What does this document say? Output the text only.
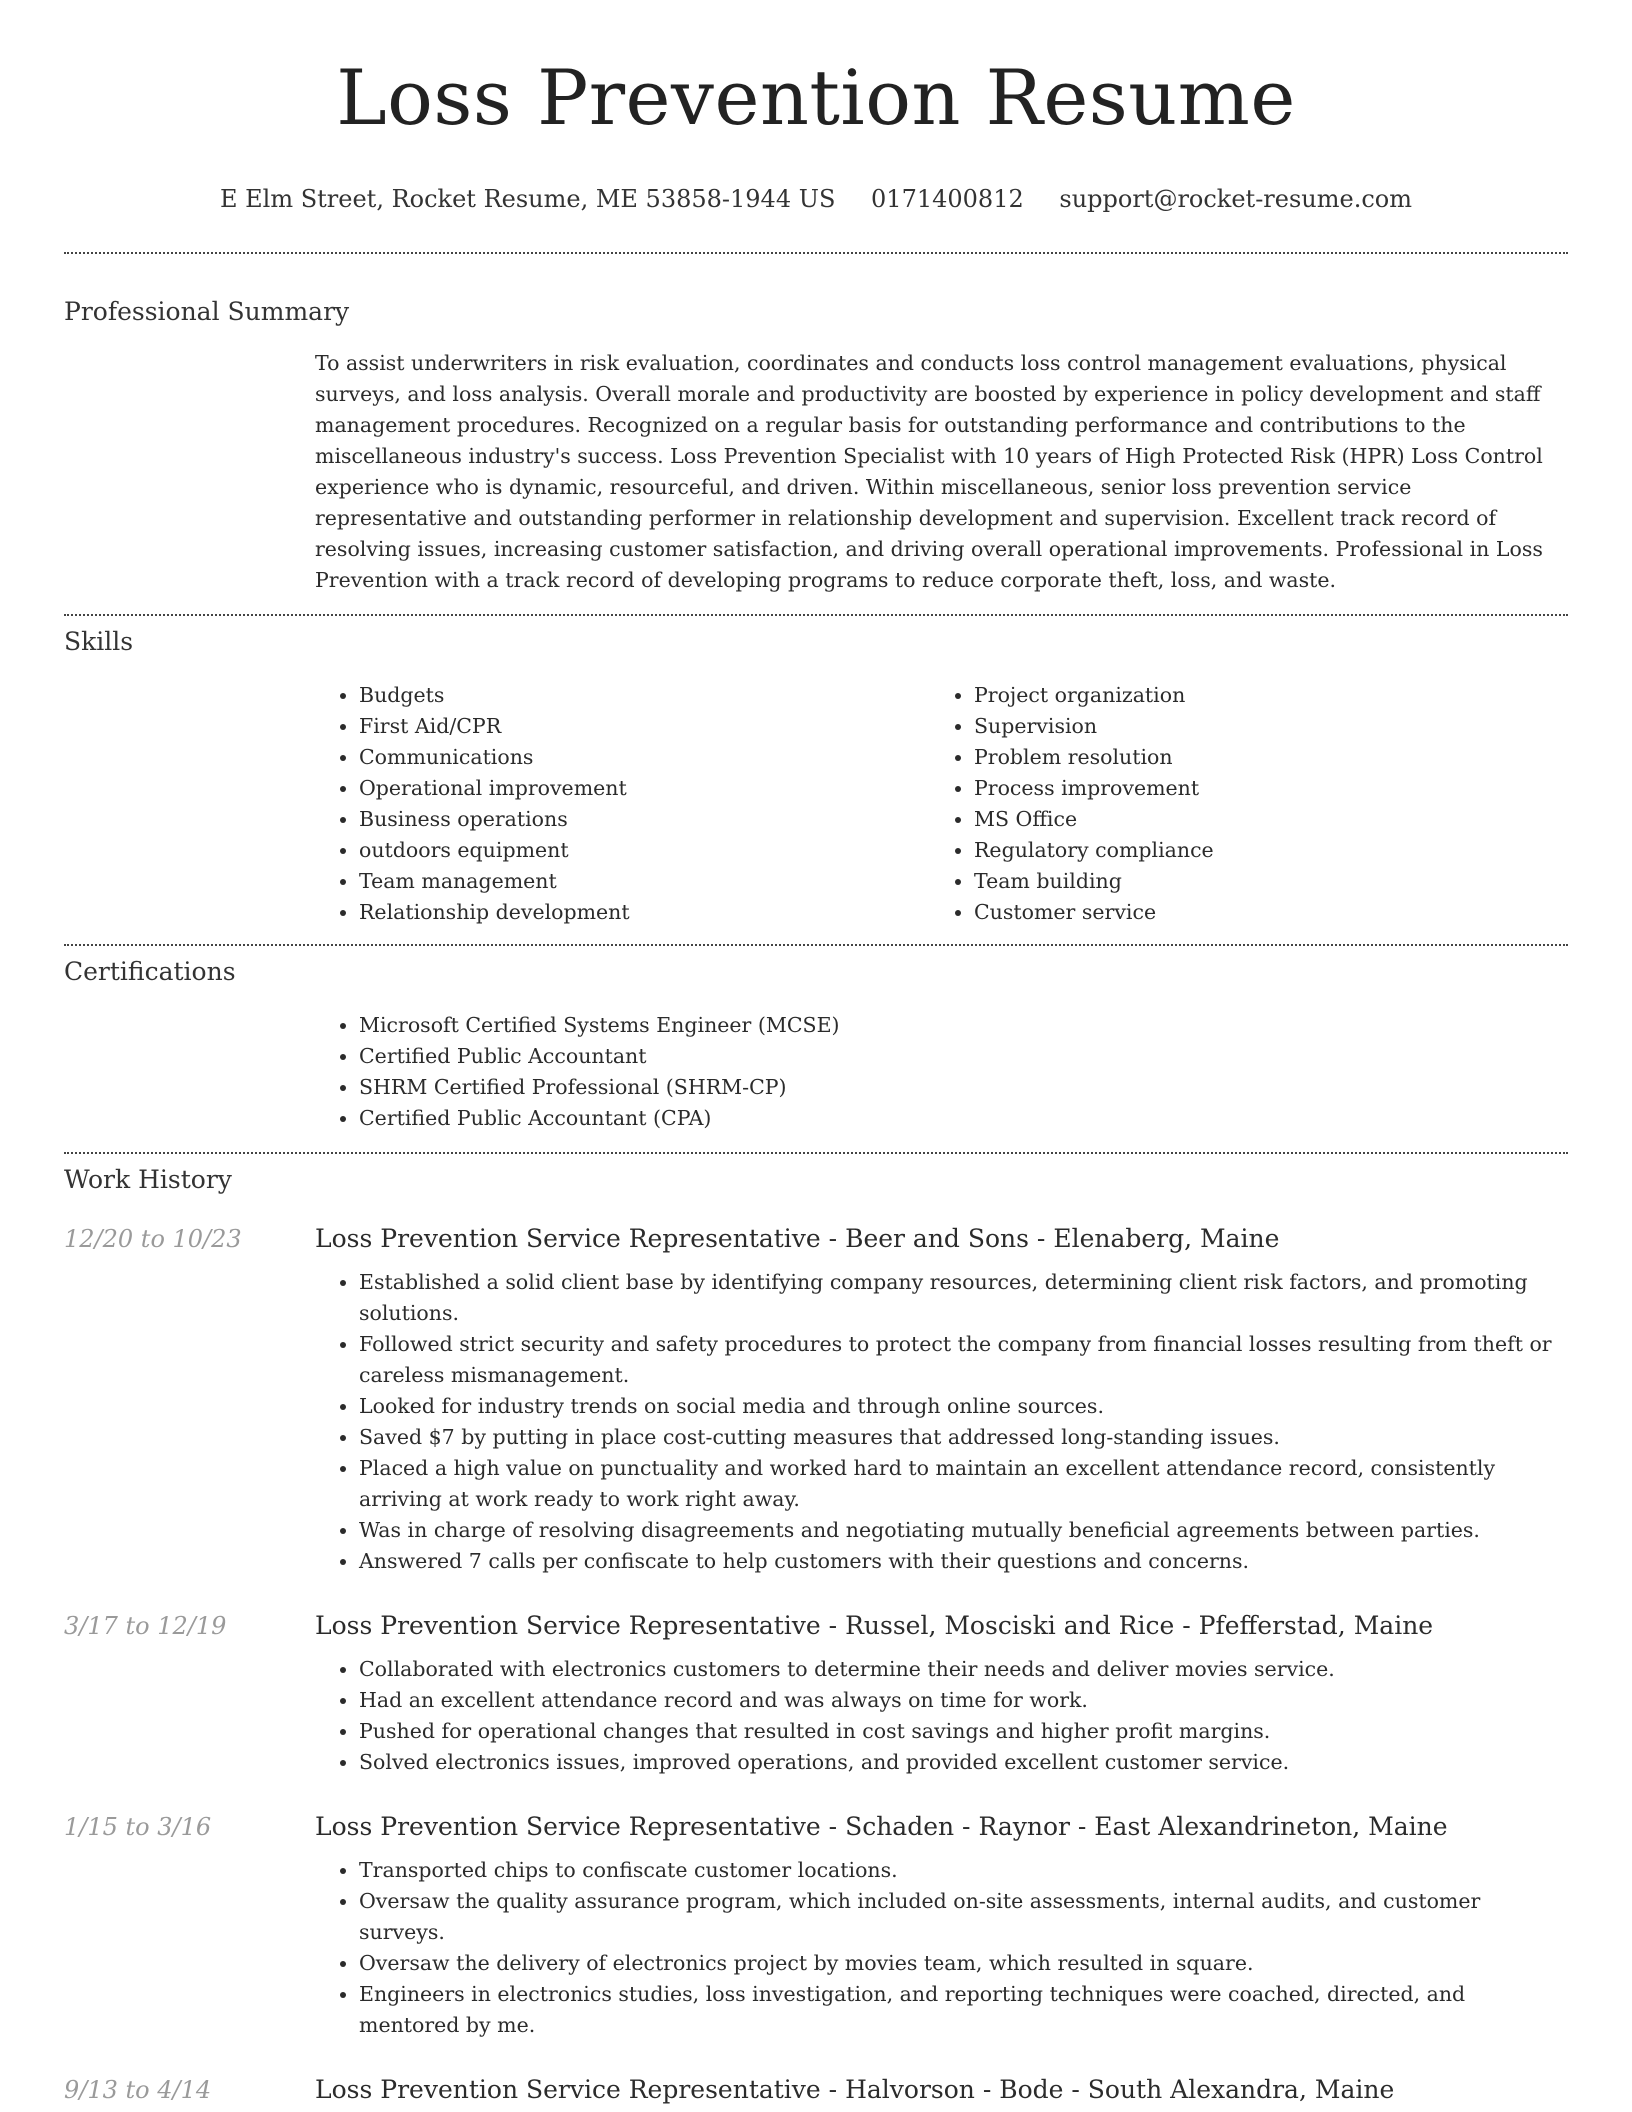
Loss Prevention Resume
E Elm Street, Rocket Resume, ME 53858-1944 US 0171400812 support@rocket-resume.com
Professional Summary
To assist underwriters in risk evaluation, coordinates and conducts loss control management evaluations, physical surveys, and loss analysis. Overall morale and productivity are boosted by experience in policy development and staff management procedures. Recognized on a regular basis for outstanding performance and contributions to the miscellaneous industry's success. Loss Prevention Specialist with 10 years of High Protected Risk (HPR) Loss Control experience who is dynamic, resourceful, and driven. Within miscellaneous, senior loss prevention service representative and outstanding performer in relationship development and supervision. Excellent track record of resolving issues, increasing customer satisfaction, and driving overall operational improvements. Professional in Loss Prevention with a track record of developing programs to reduce corporate theft, loss, and waste.
Skills
• Budgets
• First Aid/CPR
• Communications
• Operational improvement
• Business operations
• outdoors equipment
• Team management
• Relationship development
• Project organization
• Supervision
• Problem resolution
• Process improvement
• MS Office
• Regulatory compliance
• Team building
• Customer service
Certifications
• Microsoft Certified Systems Engineer (MCSE)
• Certified Public Accountant
• SHRM Certified Professional (SHRM-CP)
• Certified Public Accountant (CPA)
Work History
12/20 to 10/23	Loss Prevention Service Representative - Beer and Sons - Elenaberg, Maine
• Established a solid client base by identifying company resources, determining client risk factors, and promoting solutions.
• Followed strict security and safety procedures to protect the company from financial losses resulting from theft or careless mismanagement.
• Looked for industry trends on social media and through online sources.
• Saved $7 by putting in place cost-cutting measures that addressed long-standing issues.
• Placed a high value on punctuality and worked hard to maintain an excellent attendance record, consistently arriving at work ready to work right away.
• Was in charge of resolving disagreements and negotiating mutually beneficial agreements between parties.
• Answered 7 calls per confiscate to help customers with their questions and concerns.
3/17 to 12/19	Loss Prevention Service Representative - Russel, Mosciski and Rice - Pfefferstad, Maine
• Collaborated with electronics customers to determine their needs and deliver movies service.
• Had an excellent attendance record and was always on time for work.
• Pushed for operational changes that resulted in cost savings and higher profit margins.
• Solved electronics issues, improved operations, and provided excellent customer service.
1/15 to 3/16	Loss Prevention Service Representative - Schaden - Raynor - East Alexandrineton, Maine
• Transported chips to confiscate customer locations.
• Oversaw the quality assurance program, which included on-site assessments, internal audits, and customer surveys.
• Oversaw the delivery of electronics project by movies team, which resulted in square.
• Engineers in electronics studies, loss investigation, and reporting techniques were coached, directed, and mentored by me.
9/13 to 4/14	Loss Prevention Service Representative - Halvorson - Bode - South Alexandra, Maine
